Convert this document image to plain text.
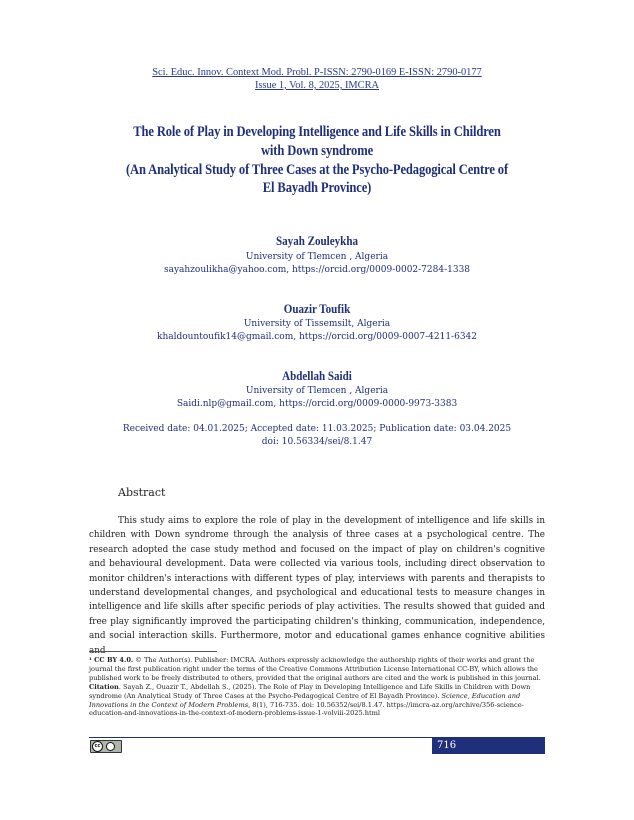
Sci. Educ. Innov. Context Mod. Probl. P-ISSN: 2790-0169 E-ISSN: 2790-0177
Issue 1, Vol. 8, 2025, IMCRA
The Role of Play in Developing Intelligence and Life Skills in Children
with Down syndrome
(An Analytical Study of Three Cases at the Psycho-Pedagogical Centre of
El Bayadh Province)
Sayah Zouleykha
University of Tlemcen , Algeria
sayahzoulikha@yahoo.com, https://orcid.org/0009-0002-7284-1338
Ouazir Toufik
University of Tissemsilt, Algeria
khaldountoufik14@gmail.com, https://orcid.org/0009-0007-4211-6342
Abdellah Saidi
University of Tlemcen , Algeria
Saidi.nlp@gmail.com, https://orcid.org/0009-0000-9973-3383
Received date: 04.01.2025; Accepted date: 11.03.2025; Publication date: 03.04.2025
doi: 10.56334/sei/8.1.47
Abstract
This study aims to explore the role of play in the development of intelligence and life skills in children with Down syndrome through the analysis of three cases at a psychological centre. The research adopted the case study method and focused on the impact of play on children's cognitive and behavioural development. Data were collected via various tools, including direct observation to monitor children's interactions with different types of play, interviews with parents and therapists to understand developmental changes, and psychological and educational tests to measure changes in intelligence and life skills after specific periods of play activities. The results showed that guided and free play significantly improved the participating children's thinking, communication, independence, and social interaction skills. Furthermore, motor and educational games enhance cognitive abilities and
¹ CC BY 4.0. © The Author(s). Publisher: IMCRA. Authors expressly acknowledge the authorship rights of their works and grant the journal the first publication right under the terms of the Creative Commons Attribution License International CC-BY, which allows the published work to be freely distributed to others, provided that the original authors are cited and the work is published in this journal.
Citation. Sayah Z., Ouazir T., Abdellah S., (2025). The Role of Play in Developing Intelligence and Life Skills in Children with Down syndrome (An Analytical Study of Three Cases at the Psycho-Pedagogical Centre of El Bayadh Province). Science, Education and Innovations in the Context of Modern Problems, 8(1), 716-735. doi: 10.56352/sei/8.1.47. https://imcra-az.org/archive/356-science-education-and-innovations-in-the-context-of-modern-problems-issue-1-volviii-2025.html
cc	716
